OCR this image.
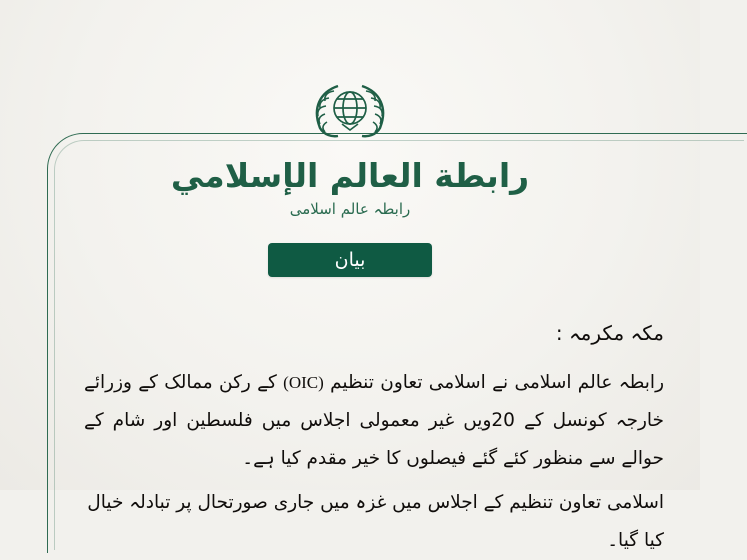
رابطة العالم الإسلامي
رابطہ عالم اسلامی
بیان
مکہ مکرمہ :
رابطہ عالم اسلامی نے اسلامی تعاون تنظیم (OIC) کے رکن ممالک کے وزرائے خارجہ کونسل کے 20ویں غیر معمولی اجلاس میں فلسطین اور شام کے حوالے سے منظور کئے گئے فیصلوں کا خیر مقدم کیا ہے۔
اسلامی تعاون تنظیم کے اجلاس میں غزہ میں جاری صورتحال پر تبادلہ خیال کیا گیا۔
